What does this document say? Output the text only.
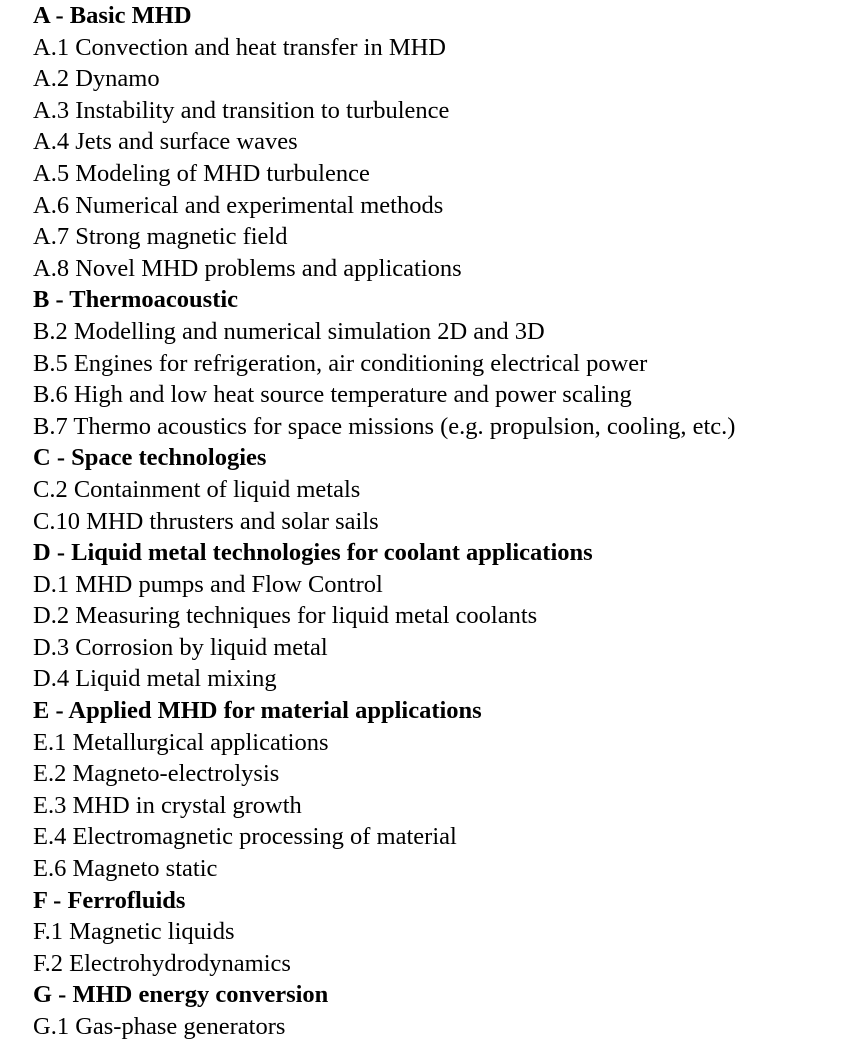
A - Basic MHD
A.1 Convection and heat transfer in MHD
A.2 Dynamo
A.3 Instability and transition to turbulence
A.4 Jets and surface waves
A.5 Modeling of MHD turbulence
A.6 Numerical and experimental methods
A.7 Strong magnetic field
A.8 Novel MHD problems and applications
B - Thermoacoustic
B.2 Modelling and numerical simulation 2D and 3D
B.5 Engines for refrigeration, air conditioning electrical power
B.6 High and low heat source temperature and power scaling
B.7 Thermo acoustics for space missions (e.g. propulsion, cooling, etc.)
C - Space technologies
C.2 Containment of liquid metals
C.10 MHD thrusters and solar sails
D - Liquid metal technologies for coolant applications
D.1 MHD pumps and Flow Control
D.2 Measuring techniques for liquid metal coolants
D.3 Corrosion by liquid metal
D.4 Liquid metal mixing
E - Applied MHD for material applications
E.1 Metallurgical applications
E.2 Magneto-electrolysis
E.3 MHD in crystal growth
E.4 Electromagnetic processing of material
E.6 Magneto static
F - Ferrofluids
F.1 Magnetic liquids
F.2 Electrohydrodynamics
G - MHD energy conversion
G.1 Gas-phase generators
